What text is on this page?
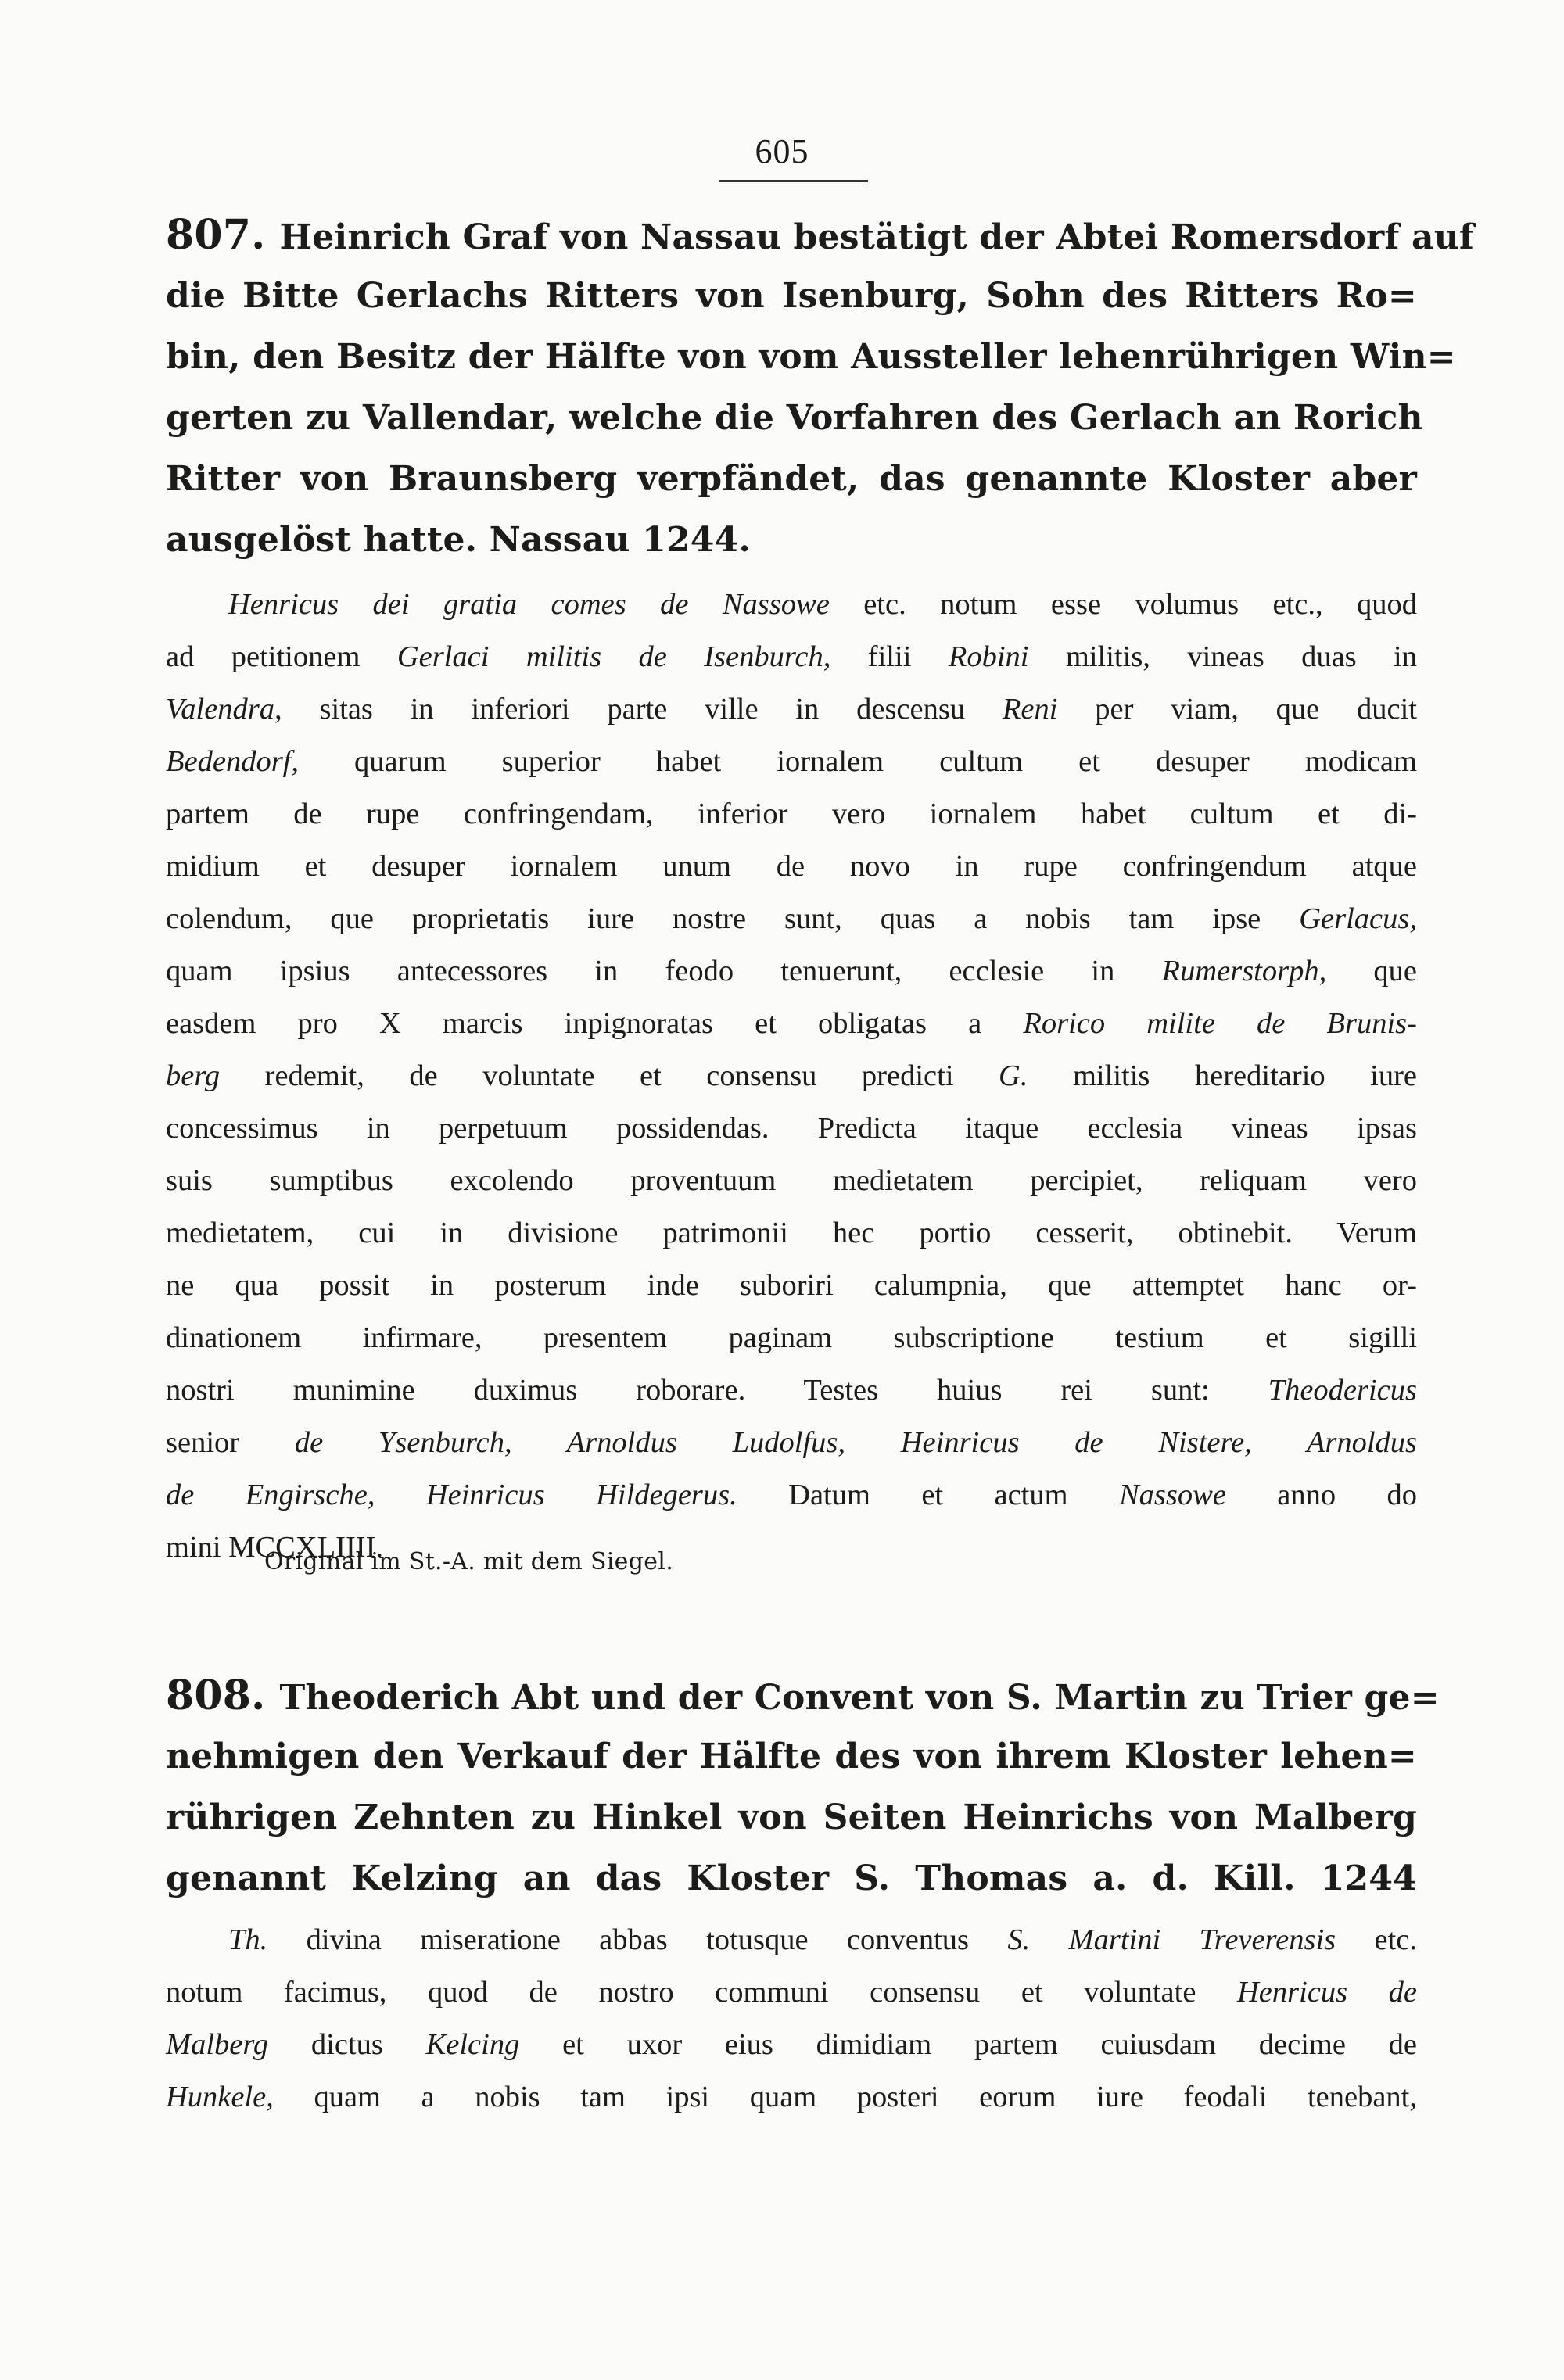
605
807. Heinrich Graf von Nassau bestätigt der Abtei Romersdorf auf
die Bitte Gerlachs Ritters von Isenburg, Sohn des Ritters Ro=
bin, den Besitz der Hälfte von vom Aussteller lehenrührigen Win=
gerten zu Vallendar, welche die Vorfahren des Gerlach an Rorich
Ritter von Braunsberg verpfändet, das genannte Kloster aber
ausgelöst hatte. Nassau 1244.
Henricus dei gratia comes de Nassowe etc. notum esse volumus etc., quod
ad petitionem Gerlaci militis de Isenburch, filii Robini militis, vineas duas in
Valendra, sitas in inferiori parte ville in descensu Reni per viam, que ducit
Bedendorf, quarum superior habet iornalem cultum et desuper modicam
partem de rupe confringendam, inferior vero iornalem habet cultum et di-
midium et desuper iornalem unum de novo in rupe confringendum atque
colendum, que proprietatis iure nostre sunt, quas a nobis tam ipse Gerlacus,
quam ipsius antecessores in feodo tenuerunt, ecclesie in Rumerstorph, que
easdem pro X marcis inpignoratas et obligatas a Rorico milite de Brunis-
berg redemit, de voluntate et consensu predicti G. militis hereditario iure
concessimus in perpetuum possidendas. Predicta itaque ecclesia vineas ipsas
suis sumptibus excolendo proventuum medietatem percipiet, reliquam vero
medietatem, cui in divisione patrimonii hec portio cesserit, obtinebit. Verum
ne qua possit in posterum inde suboriri calumpnia, que attemptet hanc or-
dinationem infirmare, presentem paginam subscriptione testium et sigilli
nostri munimine duximus roborare. Testes huius rei sunt: Theodericus
senior de Ysenburch, Arnoldus Ludolfus, Heinricus de Nistere, Arnoldus
de Engirsche, Heinricus Hildegerus. Datum et actum Nassowe anno do
mini MCCXLIIII.
Original im St.-A. mit dem Siegel.
808. Theoderich Abt und der Convent von S. Martin zu Trier ge=
nehmigen den Verkauf der Hälfte des von ihrem Kloster lehen=
rührigen Zehnten zu Hinkel von Seiten Heinrichs von Malberg
genannt Kelzing an das Kloster S. Thomas a. d. Kill. 1244
Th. divina miseratione abbas totusque conventus S. Martini Treverensis etc.
notum facimus, quod de nostro communi consensu et voluntate Henricus de
Malberg dictus Kelcing et uxor eius dimidiam partem cuiusdam decime de
Hunkele, quam a nobis tam ipsi quam posteri eorum iure feodali tenebant,
